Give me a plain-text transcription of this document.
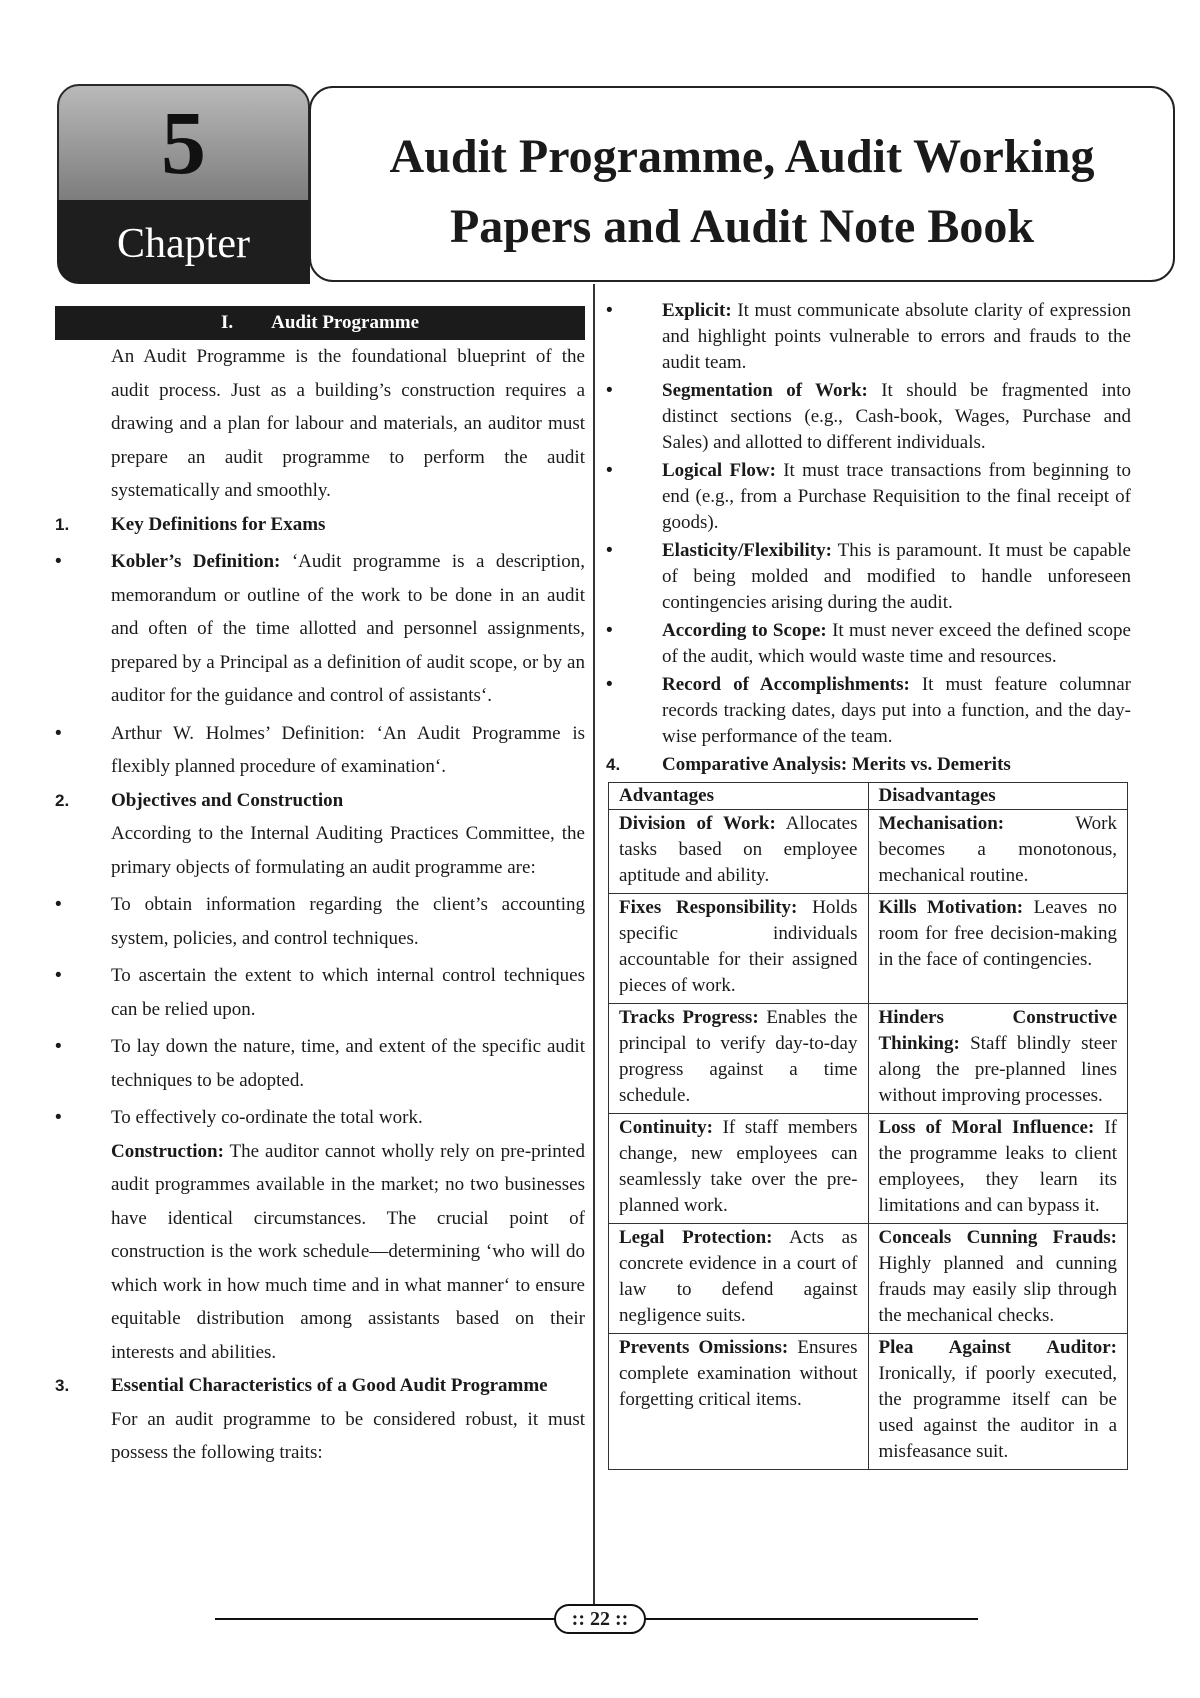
5
Chapter
Audit Programme, Audit Working
Papers and Audit Note Book
I. Audit Programme
An Audit Programme is the foundational blueprint of the audit process. Just as a building’s construction requires a drawing and a plan for labour and materials, an auditor must prepare an audit programme to perform the audit systematically and smoothly.
1.	Key Definitions for Exams
•	Kobler’s Definition: ‘Audit programme is a description, memorandum or outline of the work to be done in an audit and often of the time allotted and personnel assignments, prepared by a Principal as a definition of audit scope, or by an auditor for the guidance and control of assistants‘.
•	Arthur W. Holmes’ Definition: ‘An Audit Programme is flexibly planned procedure of examination‘.
2.	Objectives and Construction
According to the Internal Auditing Practices Committee, the primary objects of formulating an audit programme are:
•	To obtain information regarding the client’s accounting system, policies, and control techniques.
•	To ascertain the extent to which internal control techniques can be relied upon.
•	To lay down the nature, time, and extent of the specific audit techniques to be adopted.
•	To effectively co-ordinate the total work.
Construction: The auditor cannot wholly rely on pre-printed audit programmes available in the market; no two businesses have identical circumstances. The crucial point of construction is the work schedule—determining ‘who will do which work in how much time and in what manner‘ to ensure equitable distribution among assistants based on their interests and abilities.
3.	Essential Characteristics of a Good Audit Programme
For an audit programme to be considered robust, it must possess the following traits:
•	Explicit: It must communicate absolute clarity of expression and highlight points vulnerable to errors and frauds to the audit team.
•	Segmentation of Work: It should be fragmented into distinct sections (e.g., Cash-book, Wages, Purchase and Sales) and allotted to different individuals.
•	Logical Flow: It must trace transactions from beginning to end (e.g., from a Purchase Requisition to the final receipt of goods).
•	Elasticity/Flexibility: This is paramount. It must be capable of being molded and modified to handle unforeseen contingencies arising during the audit.
•	According to Scope: It must never exceed the defined scope of the audit, which would waste time and resources.
•	Record of Accomplishments: It must feature columnar records tracking dates, days put into a function, and the day-wise performance of the team.
4.	Comparative Analysis: Merits vs. Demerits
Advantages	Disadvantages
Division of Work: Allocates tasks based on employee aptitude and ability.	Mechanisation: Work becomes a monotonous, mechanical routine.
Fixes Responsibility: Holds specific individuals accountable for their assigned pieces of work.	Kills Motivation: Leaves no room for free decision-making in the face of contingencies.
Tracks Progress: Enables the principal to verify day-to-day progress against a time schedule.	Hinders Constructive Thinking: Staff blindly steer along the pre-planned lines without improving processes.
Continuity: If staff members change, new employees can seamlessly take over the pre-planned work.	Loss of Moral Influence: If the programme leaks to client employees, they learn its limitations and can bypass it.
Legal Protection: Acts as concrete evidence in a court of law to defend against negligence suits.	Conceals Cunning Frauds: Highly planned and cunning frauds may easily slip through the mechanical checks.
Prevents Omissions: Ensures complete examination without forgetting critical items.	Plea Against Auditor: Ironically, if poorly executed, the programme itself can be used against the auditor in a misfeasance suit.
:: 22 ::
